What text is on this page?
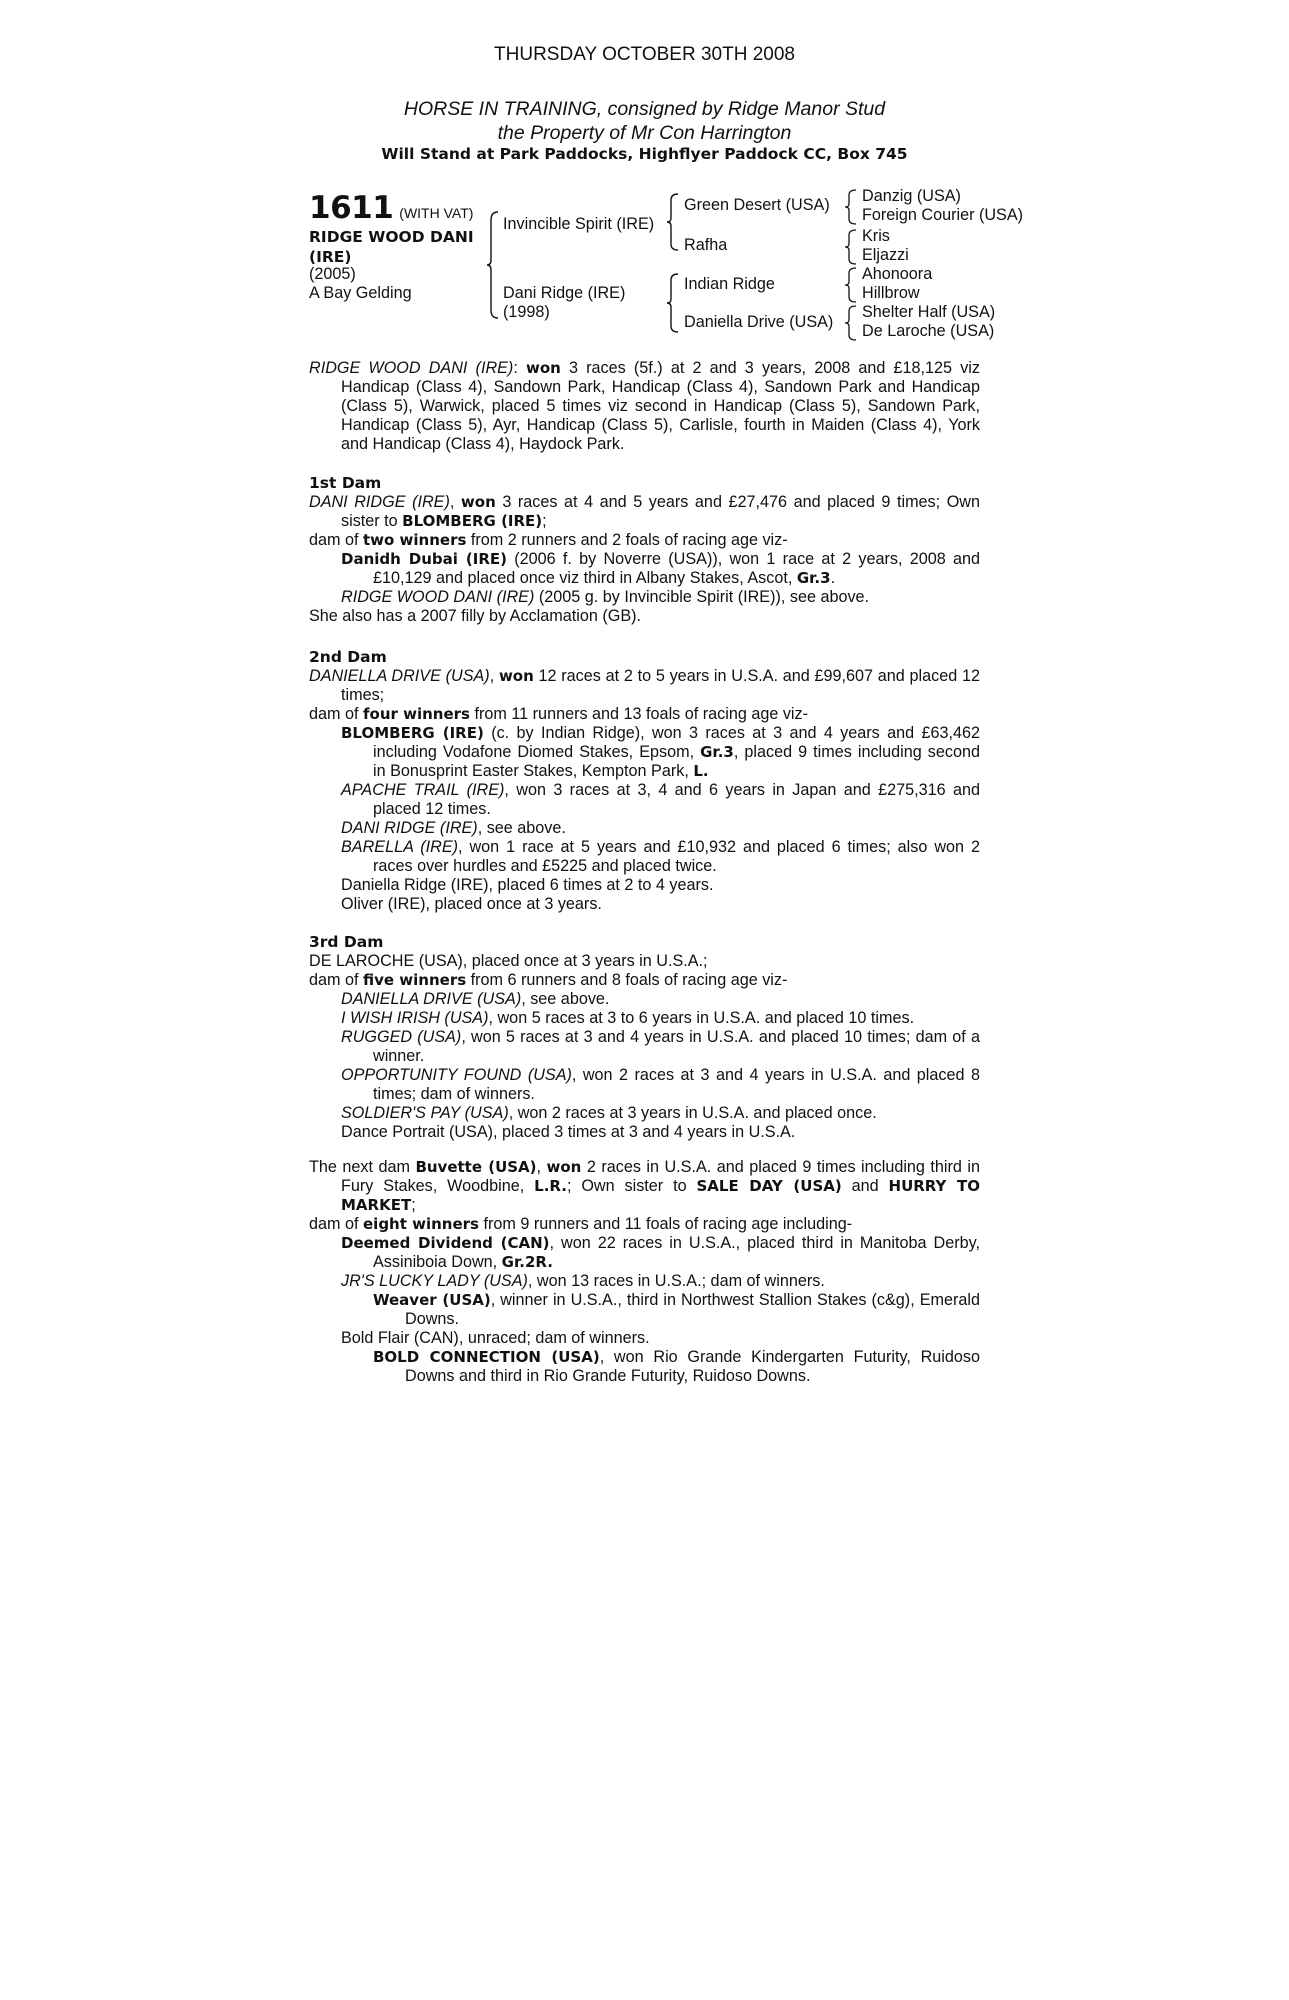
THURSDAY OCTOBER 30TH 2008
HORSE IN TRAINING, consigned by Ridge Manor Stud
the Property of Mr Con Harrington
Will Stand at Park Paddocks, Highflyer Paddock CC, Box 745
1611 (WITH VAT)
RIDGE WOOD DANI
(IRE)
(2005)
A Bay Gelding
Invincible Spirit (IRE)
Dani Ridge (IRE)
(1998)
Green Desert (USA)
Rafha
Indian Ridge
Daniella Drive (USA)
Danzig (USA)
Foreign Courier (USA)
Kris
Eljazzi
Ahonoora
Hillbrow
Shelter Half (USA)
De Laroche (USA)

RIDGE WOOD DANI (IRE): won 3 races (5f.) at 2 and 3 years, 2008 and £18,125 viz Handicap (Class 4), Sandown Park, Handicap (Class 4), Sandown Park and Handicap (Class 5), Warwick, placed 5 times viz second in Handicap (Class 5), Sandown Park, Handicap (Class 5), Ayr, Handicap (Class 5), Carlisle, fourth in Maiden (Class 4), York and Handicap (Class 4), Haydock Park.

1st Dam

DANI RIDGE (IRE), won 3 races at 4 and 5 years and £27,476 and placed 9 times; Own sister to BLOMBERG (IRE);

dam of two winners from 2 runners and 2 foals of racing age viz-

Danidh Dubai (IRE) (2006 f. by Noverre (USA)), won 1 race at 2 years, 2008 and £10,129 and placed once viz third in Albany Stakes, Ascot, Gr.3.

RIDGE WOOD DANI (IRE) (2005 g. by Invincible Spirit (IRE)), see above.

She also has a 2007 filly by Acclamation (GB).

2nd Dam

DANIELLA DRIVE (USA), won 12 races at 2 to 5 years in U.S.A. and £99,607 and placed 12 times;

dam of four winners from 11 runners and 13 foals of racing age viz-

BLOMBERG (IRE) (c. by Indian Ridge), won 3 races at 3 and 4 years and £63,462 including Vodafone Diomed Stakes, Epsom, Gr.3, placed 9 times including second in Bonusprint Easter Stakes, Kempton Park, L.

APACHE TRAIL (IRE), won 3 races at 3, 4 and 6 years in Japan and £275,316 and placed 12 times.

DANI RIDGE (IRE), see above.

BARELLA (IRE), won 1 race at 5 years and £10,932 and placed 6 times; also won 2 races over hurdles and £5225 and placed twice.

Daniella Ridge (IRE), placed 6 times at 2 to 4 years.

Oliver (IRE), placed once at 3 years.

3rd Dam

DE LAROCHE (USA), placed once at 3 years in U.S.A.;

dam of five winners from 6 runners and 8 foals of racing age viz-

DANIELLA DRIVE (USA), see above.

I WISH IRISH (USA), won 5 races at 3 to 6 years in U.S.A. and placed 10 times.

RUGGED (USA), won 5 races at 3 and 4 years in U.S.A. and placed 10 times; dam of a winner.

OPPORTUNITY FOUND (USA), won 2 races at 3 and 4 years in U.S.A. and placed 8 times; dam of winners.

SOLDIER'S PAY (USA), won 2 races at 3 years in U.S.A. and placed once.

Dance Portrait (USA), placed 3 times at 3 and 4 years in U.S.A.

The next dam Buvette (USA), won 2 races in U.S.A. and placed 9 times including third in Fury Stakes, Woodbine, L.R.; Own sister to SALE DAY (USA) and HURRY TO MARKET;

dam of eight winners from 9 runners and 11 foals of racing age including-

Deemed Dividend (CAN), won 22 races in U.S.A., placed third in Manitoba Derby, Assiniboia Down, Gr.2R.

JR'S LUCKY LADY (USA), won 13 races in U.S.A.; dam of winners.

Weaver (USA), winner in U.S.A., third in Northwest Stallion Stakes (c&g), Emerald Downs.

Bold Flair (CAN), unraced; dam of winners.

BOLD CONNECTION (USA), won Rio Grande Kindergarten Futurity, Ruidoso Downs and third in Rio Grande Futurity, Ruidoso Downs.
